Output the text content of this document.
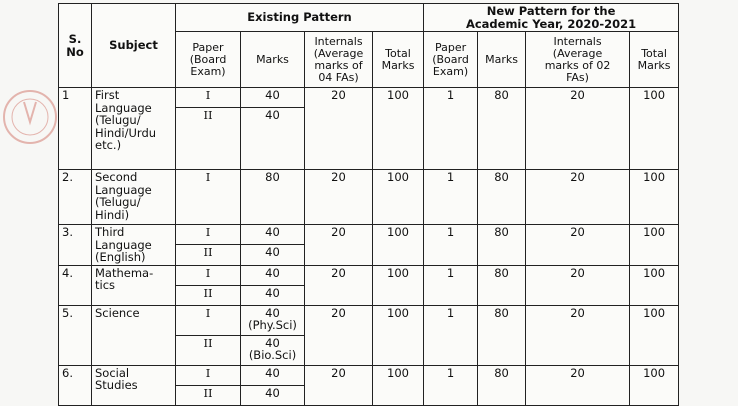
S.
No	Subject	Existing Pattern				New Pattern for the
Academic Year, 2020-2021			
		Paper
(Board
Exam)	Marks	Internals
(Average
marks of
04 FAs)	Total
Marks	Paper
(Board
Exam)	Marks	Internals
(Average
marks of 02
FAs)	Total
Marks
1	First
Language
(Telugu/
Hindi/Urdu
etc.)	I	40	20	100	1	80	20	100
		II	40						
2.	Second
Language
(Telugu/
Hindi)	I	80	20	100	1	80	20	100
3.	Third
Language
(English)	I	40	20	100	1	80	20	100
		II	40						
4.	Mathema-
tics	I	40	20	100	1	80	20	100
		II	40						
5.	Science	I	40
(Phy.Sci)	20	100	1	80	20	100
		II	40
(Bio.Sci)						
6.	Social
Studies	I	40	20	100	1	80	20	100
		II	40						
